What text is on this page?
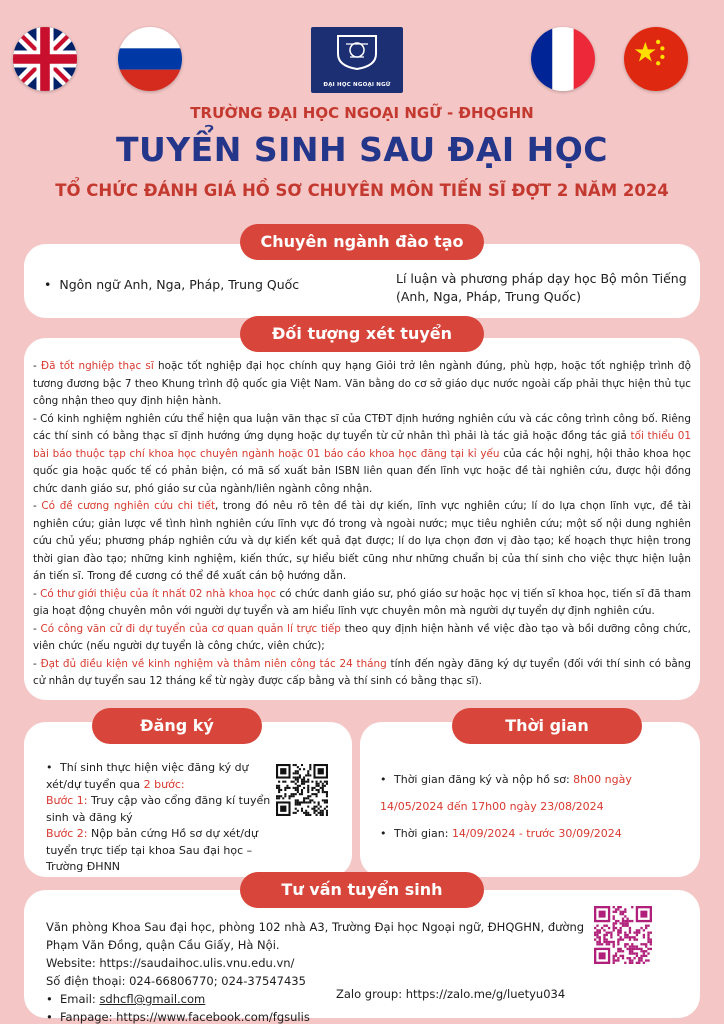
ĐẠI HỌC NGOẠI NGỮ
TRƯỜNG ĐẠI HỌC NGOẠI NGỮ - ĐHQGHN
TUYỂN SINH SAU ĐẠI HỌC
TỔ CHỨC ĐÁNH GIÁ HỒ SƠ CHUYÊN MÔN TIẾN SĨ ĐỢT 2 NĂM 2024
• Ngôn ngữ Anh, Nga, Pháp, Trung Quốc	Lí luận và phương pháp dạy học Bộ môn Tiếng (Anh, Nga, Pháp, Trung Quốc)
Chuyên ngành đào tạo
- Đã tốt nghiệp thạc sĩ hoặc tốt nghiệp đại học chính quy hạng Giỏi trở lên ngành đúng, phù hợp, hoặc tốt nghiệp trình độ tương đương bậc 7 theo Khung trình độ quốc gia Việt Nam. Văn bằng do cơ sở giáo dục nước ngoài cấp phải thực hiện thủ tục công nhận theo quy định hiện hành.
- Có kinh nghiệm nghiên cứu thể hiện qua luận văn thạc sĩ của CTĐT định hướng nghiên cứu và các công trình công bố. Riêng các thí sinh có bằng thạc sĩ định hướng ứng dụng hoặc dự tuyển từ cử nhân thì phải là tác giả hoặc đồng tác giả tối thiểu 01 bài báo thuộc tạp chí khoa học chuyên ngành hoặc 01 báo cáo khoa học đăng tại kỉ yếu của các hội nghị, hội thảo khoa học quốc gia hoặc quốc tế có phản biện, có mã số xuất bản ISBN liên quan đến lĩnh vực hoặc đề tài nghiên cứu, được hội đồng chức danh giáo sư, phó giáo sư của ngành/liên ngành công nhận.
- Có đề cương nghiên cứu chi tiết, trong đó nêu rõ tên đề tài dự kiến, lĩnh vực nghiên cứu; lí do lựa chọn lĩnh vực, đề tài nghiên cứu; giản lược về tình hình nghiên cứu lĩnh vực đó trong và ngoài nước; mục tiêu nghiên cứu; một số nội dung nghiên cứu chủ yếu; phương pháp nghiên cứu và dự kiến kết quả đạt được; lí do lựa chọn đơn vị đào tạo; kế hoạch thực hiện trong thời gian đào tạo; những kinh nghiệm, kiến thức, sự hiểu biết cũng như những chuẩn bị của thí sinh cho việc thực hiện luận án tiến sĩ. Trong đề cương có thể đề xuất cán bộ hướng dẫn.
- Có thư giới thiệu của ít nhất 02 nhà khoa học có chức danh giáo sư, phó giáo sư hoặc học vị tiến sĩ khoa học, tiến sĩ đã tham gia hoạt động chuyên môn với người dự tuyển và am hiểu lĩnh vực chuyên môn mà người dự tuyển dự định nghiên cứu.
- Có công văn cử đi dự tuyển của cơ quan quản lí trực tiếp theo quy định hiện hành về việc đào tạo và bồi dưỡng công chức, viên chức (nếu người dự tuyển là công chức, viên chức);
- Đạt đủ điều kiện về kinh nghiệm và thâm niên công tác 24 tháng tính đến ngày đăng ký dự tuyển (đối với thí sinh có bằng cử nhân dự tuyển sau 12 tháng kể từ ngày được cấp bằng và thí sinh có bằng thạc sĩ).
Đối tượng xét tuyển
• Thí sinh thực hiện việc đăng ký dự xét/dự tuyển qua 2 bước:
Bước 1: Truy cập vào cổng đăng kí tuyển sinh và đăng ký
Bước 2: Nộp bản cứng Hồ sơ dự xét/dự tuyển trực tiếp tại khoa Sau đại học – Trường ĐHNN
Đăng ký
• Thời gian đăng ký và nộp hồ sơ: 8h00 ngày 14/05/2024 đến 17h00 ngày 23/08/2024
• Thời gian: 14/09/2024 - trước 30/09/2024
Thời gian
Văn phòng Khoa Sau đại học, phòng 102 nhà A3, Trường Đại học Ngoại ngữ, ĐHQGHN, đường Phạm Văn Đồng, quận Cầu Giấy, Hà Nội.
Website: https://saudaihoc.ulis.vnu.edu.vn/
Số điện thoại: 024-66806770; 024-37547435
• Email: sdhcfl@gmail.com
• Fanpage: https://www.facebook.com/fgsulis
Zalo group: https://zalo.me/g/luetyu034
Tư vấn tuyển sinh
